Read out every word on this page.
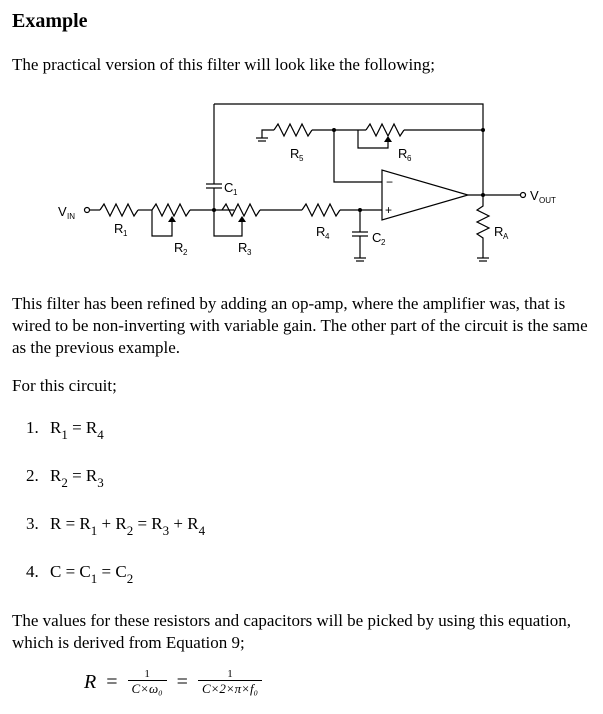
Example
The practical version of this filter will look like the following;
V IN
V OUT
R 1
R 2	R 3
R 4
R 5	R 6
R A
C 1
C 2
−
+
This filter has been refined by adding an op-amp, where the amplifier was, that is wired to be non-inverting with variable gain. The other part of the circuit is the same as the previous example.
For this circuit;
1. $R_1 = R_4$
2. $R_2 = R_3$
3. $R = R_1 + R_2 = R_3 + R_4$
4. $C = C_1 = C_2$
The values for these resistors and capacitors will be picked by using this equation, which is derived from Equation 9;
$R = \frac{1}{\text{C×ω₀}} = \frac{1}{\text{C×2×π×f₀}}$
